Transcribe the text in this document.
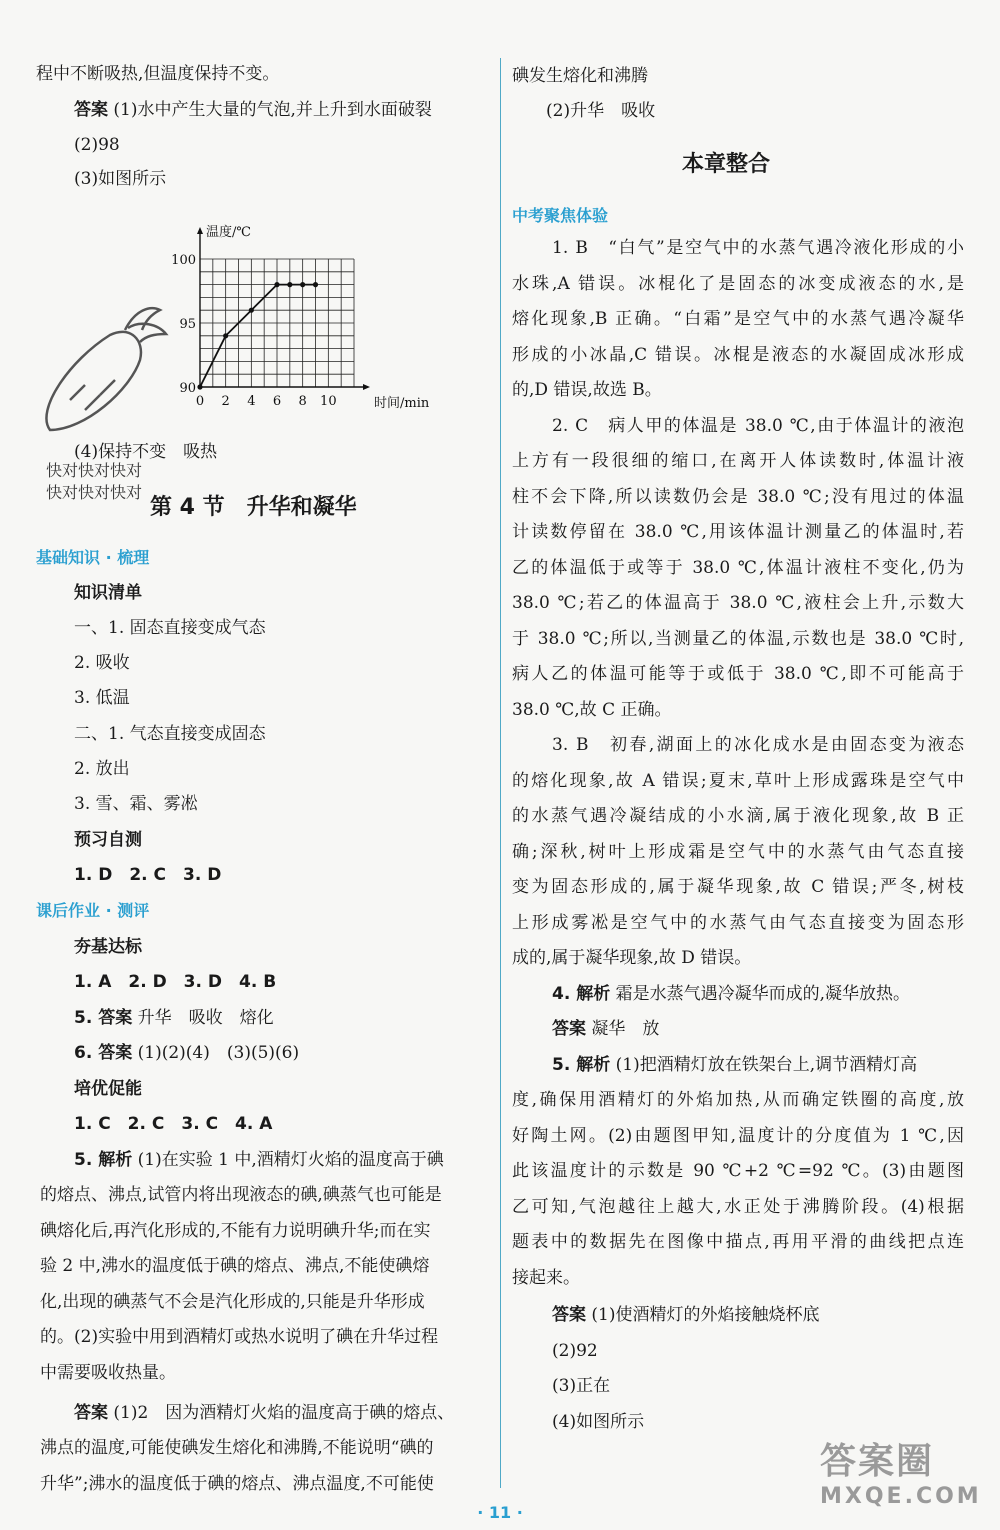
程中不断吸热,但温度保持不变。
答案 (1)水中产生大量的气泡,并上升到水面破裂
(2)98
(3)如图所示
0 2 4 6 8 10
90
95
100
温度/℃
时间/min
(4)保持不变　吸热
快对快对快对
快对快对快对
第 4 节　升华和凝华
基础知识 · 梳理
知识清单
一、1. 固态直接变成气态
2. 吸收
3. 低温
二、1. 气态直接变成固态
2. 放出
3. 雪、霜、雾凇
预习自测
1. D　2. C　3. D
课后作业 · 测评
夯基达标
1. A　2. D　3. D　4. B
5. 答案 升华　吸收　熔化
6. 答案 (1)(2)(4)　(3)(5)(6)
培优促能
1. C　2. C　3. C　4. A
5. 解析 (1)在实验 1 中,酒精灯火焰的温度高于碘
的熔点、沸点,试管内将出现液态的碘,碘蒸气也可能是
碘熔化后,再汽化形成的,不能有力说明碘升华;而在实
验 2 中,沸水的温度低于碘的熔点、沸点,不能使碘熔
化,出现的碘蒸气不会是汽化形成的,只能是升华形成
的。(2)实验中用到酒精灯或热水说明了碘在升华过程
中需要吸收热量。
答案 (1)2　因为酒精灯火焰的温度高于碘的熔点、
沸点的温度,可能使碘发生熔化和沸腾,不能说明“碘的
升华”;沸水的温度低于碘的熔点、沸点温度,不可能使
碘发生熔化和沸腾
(2)升华　吸收
本章整合
中考聚焦体验
1. B　“白气”是空气中的水蒸气遇冷液化形成的小
水珠,A 错误。冰棍化了是固态的冰变成液态的水,是
熔化现象,B 正确。“白霜”是空气中的水蒸气遇冷凝华
形成的小冰晶,C 错误。冰棍是液态的水凝固成冰形成
的,D 错误,故选 B。
2. C　病人甲的体温是 38.0 ℃,由于体温计的液泡
上方有一段很细的缩口,在离开人体读数时,体温计液
柱不会下降,所以读数仍会是 38.0 ℃;没有甩过的体温
计读数停留在 38.0 ℃,用该体温计测量乙的体温时,若
乙的体温低于或等于 38.0 ℃,体温计液柱不变化,仍为
38.0 ℃;若乙的体温高于 38.0 ℃,液柱会上升,示数大
于 38.0 ℃;所以,当测量乙的体温,示数也是 38.0 ℃时,
病人乙的体温可能等于或低于 38.0 ℃,即不可能高于
38.0 ℃,故 C 正确。
3. B　初春,湖面上的冰化成水是由固态变为液态
的熔化现象,故 A 错误;夏末,草叶上形成露珠是空气中
的水蒸气遇冷凝结成的小水滴,属于液化现象,故 B 正
确;深秋,树叶上形成霜是空气中的水蒸气由气态直接
变为固态形成的,属于凝华现象,故 C 错误;严冬,树枝
上形成雾凇是空气中的水蒸气由气态直接变为固态形
成的,属于凝华现象,故 D 错误。
4. 解析 霜是水蒸气遇冷凝华而成的,凝华放热。
答案 凝华　放
5. 解析 (1)把酒精灯放在铁架台上,调节酒精灯高
度,确保用酒精灯的外焰加热,从而确定铁圈的高度,放
好陶土网。(2)由题图甲知,温度计的分度值为 1 ℃,因
此该温度计的示数是 90 ℃+2 ℃=92 ℃。(3)由题图
乙可知,气泡越往上越大,水正处于沸腾阶段。(4)根据
题表中的数据先在图像中描点,再用平滑的曲线把点连
接起来。
答案 (1)使酒精灯的外焰接触烧杯底
(2)92
(3)正在
(4)如图所示
· 11 ·
答案圈
MXQE.COM
